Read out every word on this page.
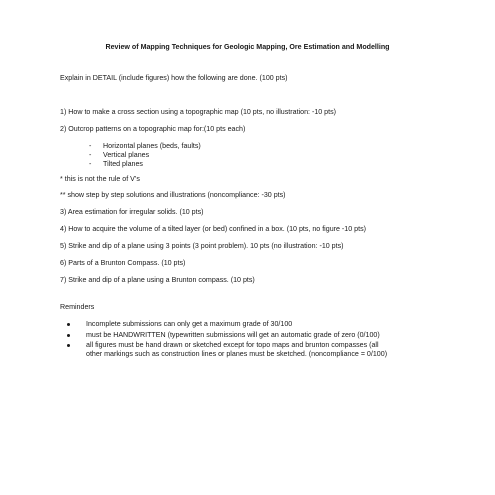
Review of Mapping Techniques for Geologic Mapping, Ore Estimation and Modelling
Explain in DETAIL (include figures) how the following are done. (100 pts)
1) How to make a cross section using a topographic map (10 pts, no illustration: -10 pts)
2) Outcrop patterns on a topographic map for:(10 pts each)
- Horizontal planes (beds, faults)
- Vertical planes
- Tilted planes
* this is not the rule of V’s
** show step by step solutions and illustrations (noncompliance: -30 pts)
3) Area estimation for irregular solids. (10 pts)
4) How to acquire the volume of a tilted layer (or bed) confined in a box. (10 pts, no figure -10 pts)
5) Strike and dip of a plane using 3 points (3 point problem). 10 pts (no illustration: -10 pts)
6) Parts of a Brunton Compass. (10 pts)
7) Strike and dip of a plane using a Brunton compass. (10 pts)
Reminders
Incomplete submissions can only get a maximum grade of 30/100
must be HANDWRITTEN (typewritten submissions will get an automatic grade of zero (0/100)
all figures must be hand drawn or sketched except for topo maps and brunton compasses (all
other markings such as construction lines or planes must be sketched. (noncompliance = 0/100)
